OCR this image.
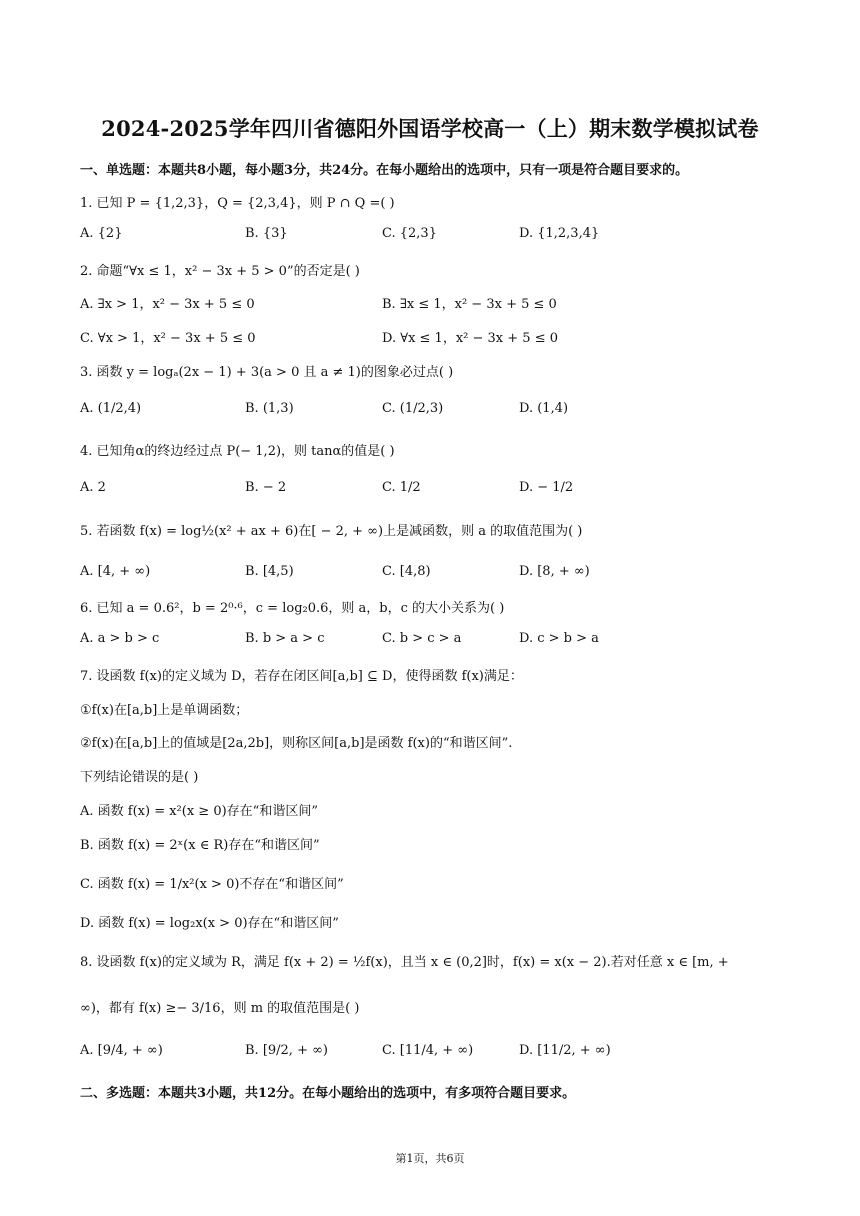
2024-2025学年四川省德阳外国语学校高一（上）期末数学模拟试卷
一、单选题：本题共8小题，每小题3分，共24分。在每小题给出的选项中，只有一项是符合题目要求的。
1. 已知 P = {1,2,3}，Q = {2,3,4}，则 P ∩ Q =( )
A. {2}	B. {3}	C. {2,3}	D. {1,2,3,4}
2. 命题“∀x ≤ 1，x² − 3x + 5 > 0”的否定是( )
A. ∃x > 1，x² − 3x + 5 ≤ 0	B. ∃x ≤ 1，x² − 3x + 5 ≤ 0
C. ∀x > 1，x² − 3x + 5 ≤ 0	D. ∀x ≤ 1，x² − 3x + 5 ≤ 0
3. 函数 y = logₐ(2x − 1) + 3(a > 0 且 a ≠ 1)的图象必过点( )
A. (1/2,4)	B. (1,3)	C. (1/2,3)	D. (1,4)
4. 已知角α的终边经过点 P(− 1,2)，则 tanα的值是( )
A. 2	B. − 2	C. 1/2	D. − 1/2
5. 若函数 f(x) = log½(x² + ax + 6)在[ − 2, + ∞)上是减函数，则 a 的取值范围为( )
A. [4, + ∞)	B. [4,5)	C. [4,8)	D. [8, + ∞)
6. 已知 a = 0.6²，b = 2⁰·⁶，c = log₂0.6，则 a，b，c 的大小关系为( )
A. a > b > c	B. b > a > c	C. b > c > a	D. c > b > a
7. 设函数 f(x)的定义域为 D，若存在闭区间[a,b] ⊆ D，使得函数 f(x)满足：
①f(x)在[a,b]上是单调函数；
②f(x)在[a,b]上的值域是[2a,2b]，则称区间[a,b]是函数 f(x)的“和谐区间”.
下列结论错误的是( )
A. 函数 f(x) = x²(x ≥ 0)存在“和谐区间”
B. 函数 f(x) = 2ˣ(x ∈ R)存在“和谐区间”
C. 函数 f(x) = 1/x²(x > 0)不存在“和谐区间”
D. 函数 f(x) = log₂x(x > 0)存在“和谐区间”
8. 设函数 f(x)的定义域为 R，满足 f(x + 2) = ½f(x)，且当 x ∈ (0,2]时，f(x) = x(x − 2).若对任意 x ∈ [m, +
∞)，都有 f(x) ≥− 3/16，则 m 的取值范围是( )
A. [9/4, + ∞)	B. [9/2, + ∞)	C. [11/4, + ∞)	D. [11/2, + ∞)
二、多选题：本题共3小题，共12分。在每小题给出的选项中，有多项符合题目要求。
第1页，共6页
